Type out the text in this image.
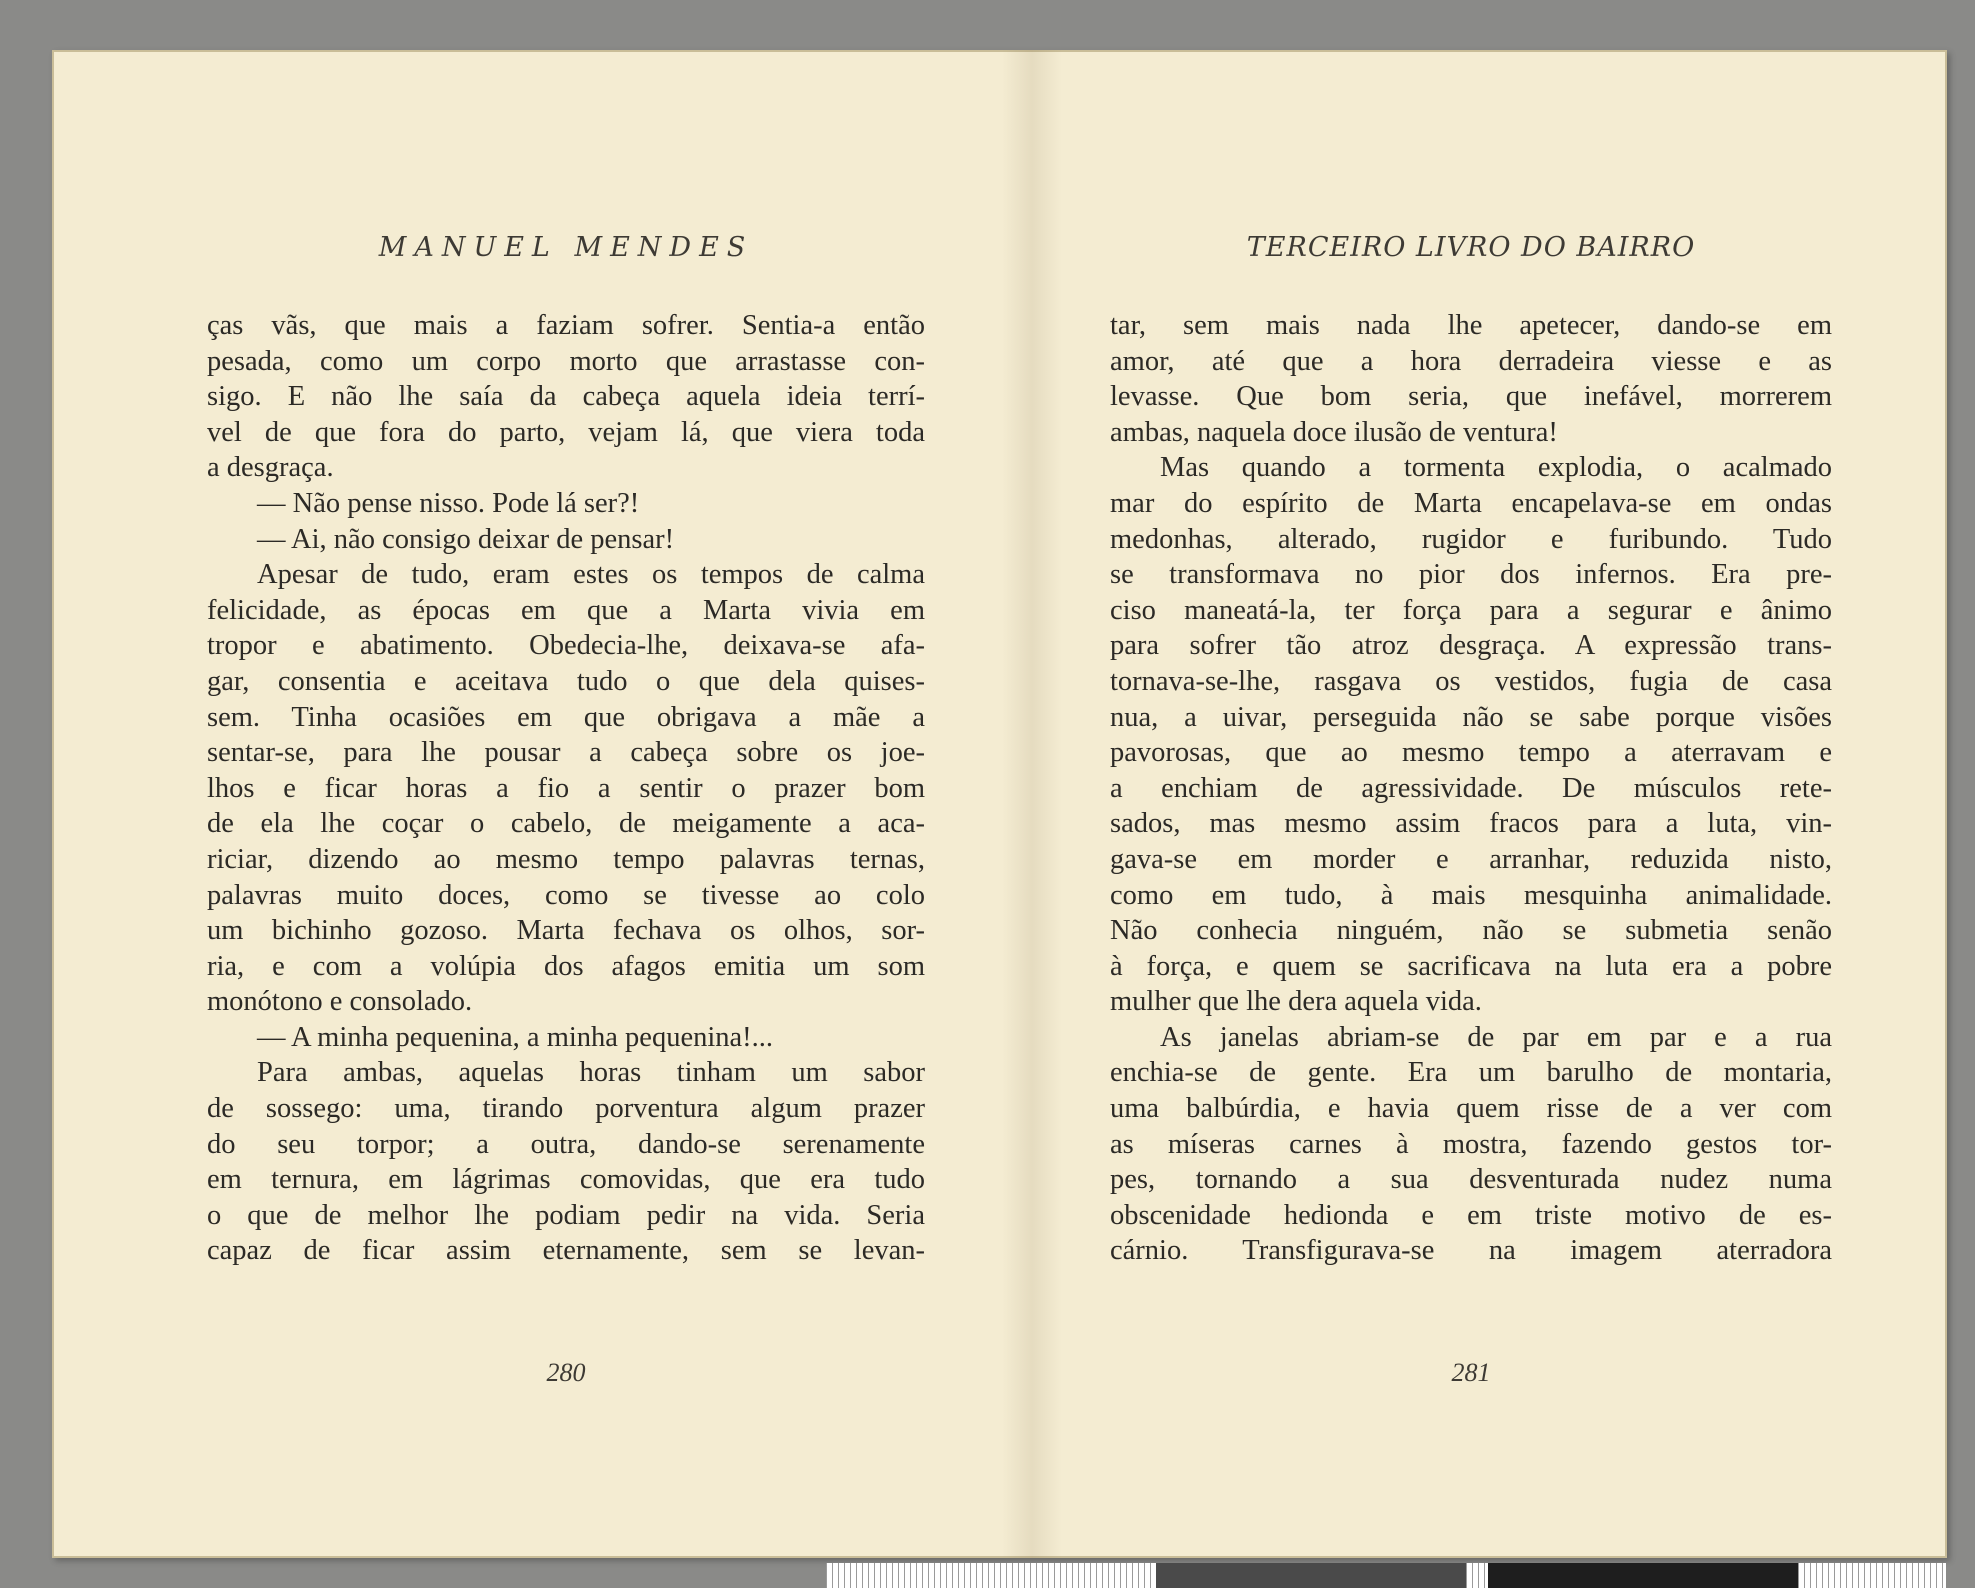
MANUEL MENDES

ças vãs, que mais a faziam sofrer. Sentia-a então

pesada, como um corpo morto que arrastasse con-

sigo. E não lhe saía da cabeça aquela ideia terrí-

vel de que fora do parto, vejam lá, que viera toda

a desgraça.

— Não pense nisso. Pode lá ser?!

— Ai, não consigo deixar de pensar!

Apesar de tudo, eram estes os tempos de calma

felicidade, as épocas em que a Marta vivia em

tropor e abatimento. Obedecia-lhe, deixava-se afa-

gar, consentia e aceitava tudo o que dela quises-

sem. Tinha ocasiões em que obrigava a mãe a

sentar-se, para lhe pousar a cabeça sobre os joe-

lhos e ficar horas a fio a sentir o prazer bom

de ela lhe coçar o cabelo, de meigamente a aca-

riciar, dizendo ao mesmo tempo palavras ternas,

palavras muito doces, como se tivesse ao colo

um bichinho gozoso. Marta fechava os olhos, sor-

ria, e com a volúpia dos afagos emitia um som

monótono e consolado.

— A minha pequenina, a minha pequenina!...

Para ambas, aquelas horas tinham um sabor

de sossego: uma, tirando porventura algum prazer

do seu torpor; a outra, dando-se serenamente

em ternura, em lágrimas comovidas, que era tudo

o que de melhor lhe podiam pedir na vida. Seria

capaz de ficar assim eternamente, sem se levan-

280
TERCEIRO LIVRO DO BAIRRO

tar, sem mais nada lhe apetecer, dando-se em

amor, até que a hora derradeira viesse e as

levasse. Que bom seria, que inefável, morrerem

ambas, naquela doce ilusão de ventura!

Mas quando a tormenta explodia, o acalmado

mar do espírito de Marta encapelava-se em ondas

medonhas, alterado, rugidor e furibundo. Tudo

se transformava no pior dos infernos. Era pre-

ciso maneatá-la, ter força para a segurar e ânimo

para sofrer tão atroz desgraça. A expressão trans-

tornava-se-lhe, rasgava os vestidos, fugia de casa

nua, a uivar, perseguida não se sabe porque visões

pavorosas, que ao mesmo tempo a aterravam e

a enchiam de agressividade. De músculos rete-

sados, mas mesmo assim fracos para a luta, vin-

gava-se em morder e arranhar, reduzida nisto,

como em tudo, à mais mesquinha animalidade.

Não conhecia ninguém, não se submetia senão

à força, e quem se sacrificava na luta era a pobre

mulher que lhe dera aquela vida.

As janelas abriam-se de par em par e a rua

enchia-se de gente. Era um barulho de montaria,

uma balbúrdia, e havia quem risse de a ver com

as míseras carnes à mostra, fazendo gestos tor-

pes, tornando a sua desventurada nudez numa

obscenidade hedionda e em triste motivo de es-

cárnio. Transfigurava-se na imagem aterradora

281
